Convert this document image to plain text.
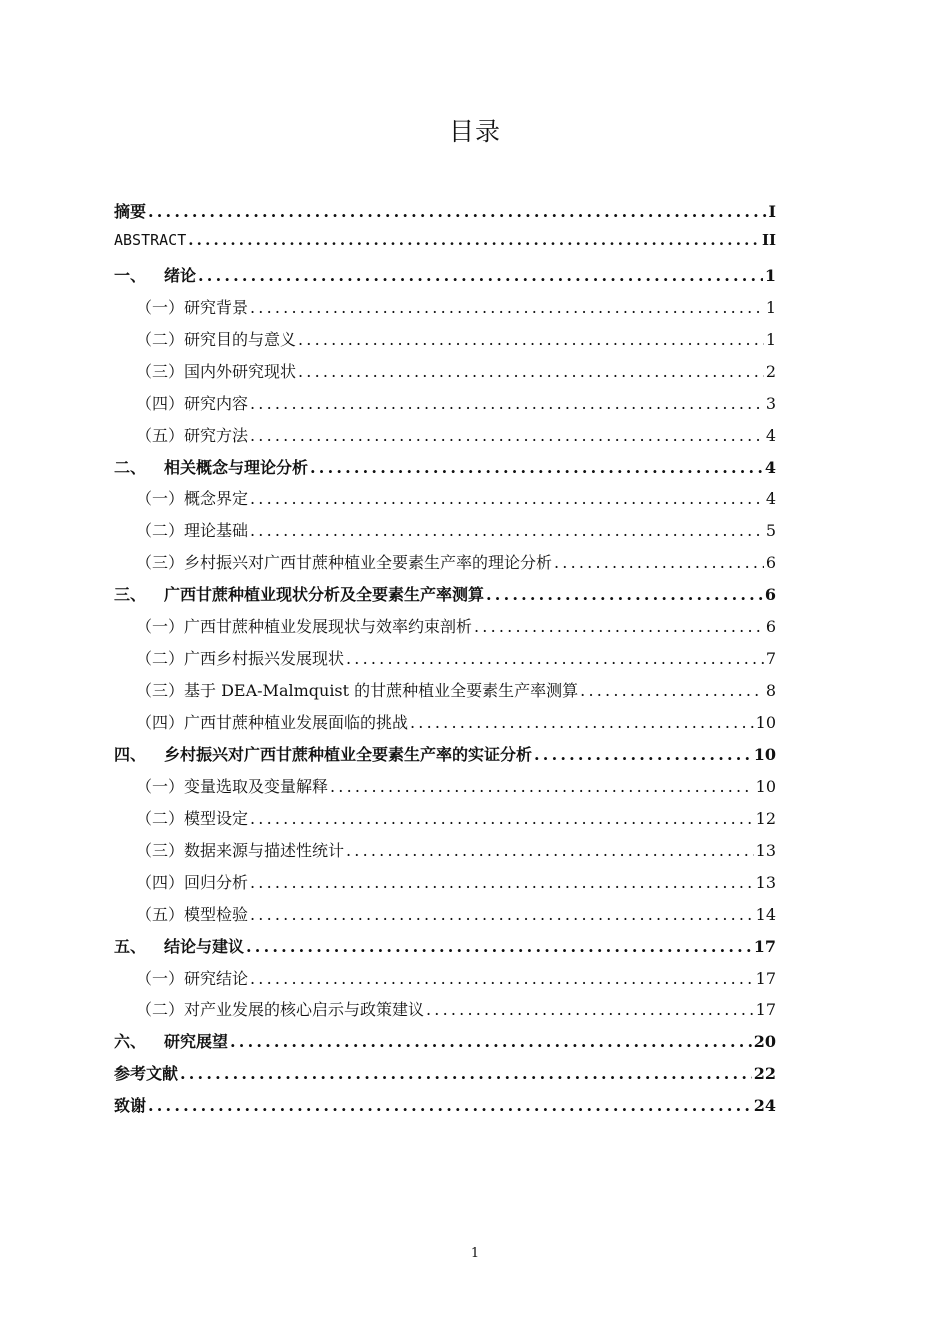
目录
摘要 .....	I
ABSTRACT .....	II
一、 绪论 .....	1
（一）研究背景 .....	1
（二）研究目的与意义 .....	1
（三）国内外研究现状 .....	2
（四）研究内容 .....	3
（五）研究方法 .....	4
二、 相关概念与理论分析 .....	4
（一）概念界定 .....	4
（二）理论基础 .....	5
（三）乡村振兴对广西甘蔗种植业全要素生产率的理论分析 .....	6
三、 广西甘蔗种植业现状分析及全要素生产率测算 .....	6
（一）广西甘蔗种植业发展现状与效率约束剖析 .....	6
（二）广西乡村振兴发展现状 .....	7
（三）基于 DEA-Malmquist 的甘蔗种植业全要素生产率测算 .....	8
（四）广西甘蔗种植业发展面临的挑战 .....	10
四、 乡村振兴对广西甘蔗种植业全要素生产率的实证分析 .....	10
（一）变量选取及变量解释 .....	10
（二）模型设定 .....	12
（三）数据来源与描述性统计 .....	13
（四）回归分析 .....	13
（五）模型检验 .....	14
五、 结论与建议 .....	17
（一）研究结论 .....	17
（二）对产业发展的核心启示与政策建议 .....	17
六、 研究展望 .....	20
参考文献 .....	22
致谢 .....	24
1
